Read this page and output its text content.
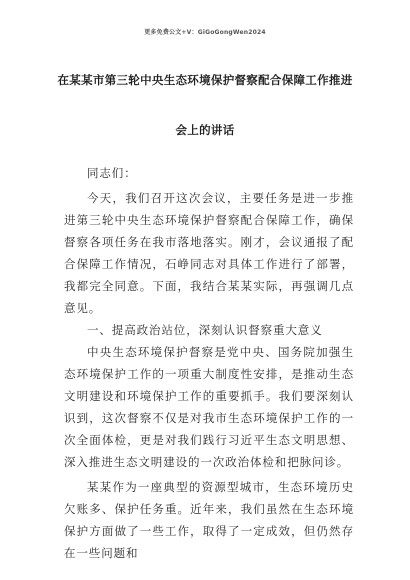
更多免费公文+V：GiGoGongWen2024
在某某市第三轮中央生态环境保护督察配合保障工作推进
会上的讲话

同志们：

今天，我们召开这次会议，主要任务是进一步推进第三轮中央生态环境保护督察配合保障工作，确保督察各项任务在我市落地落实。刚才，会议通报了配合保障工作情况，石峥同志对具体工作进行了部署，我都完全同意。下面，我结合某某实际，再强调几点意见。

一、提高政治站位，深刻认识督察重大意义

中央生态环境保护督察是党中央、国务院加强生态环境保护工作的一项重大制度性安排，是推动生态文明建设和环境保护工作的重要抓手。我们要深刻认识到，这次督察不仅是对我市生态环境保护工作的一次全面体检，更是对我们践行习近平生态文明思想、深入推进生态文明建设的一次政治体检和把脉问诊。

某某作为一座典型的资源型城市，生态环境历史欠账多、保护任务重。近年来，我们虽然在生态环境保护方面做了一些工作，取得了一定成效，但仍然存在一些问题和
